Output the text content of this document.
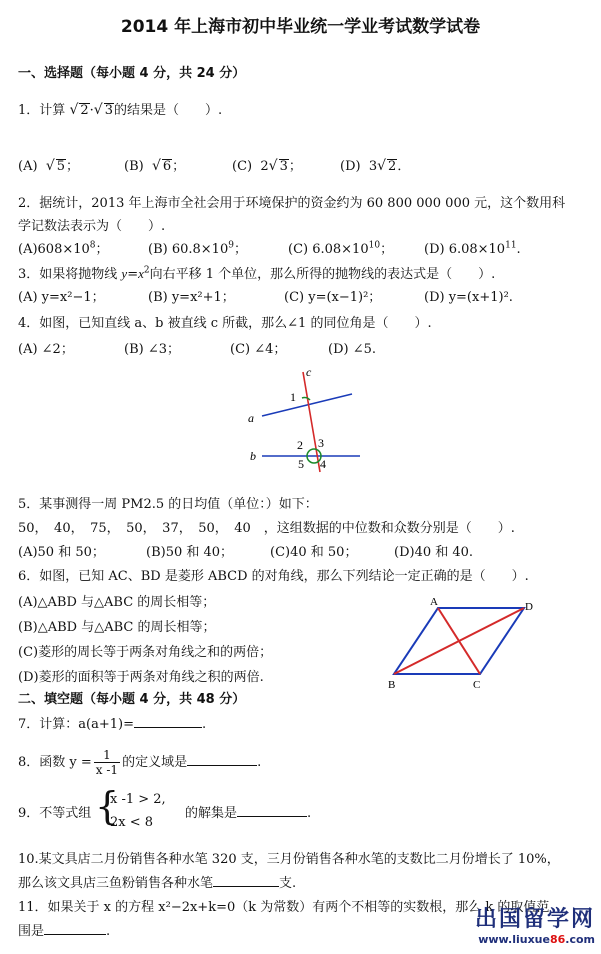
2014 年上海市初中毕业统一学业考试数学试卷
一、选择题（每小题 4 分，共 24 分）
1．计算 √ 2·√ 3的结果是（　　）.
(A) √ 5；	(B) √ 6；	(C) 2√ 3；	(D) 3√ 2．
2．据统计，2013 年上海市全社会用于环境保护的资金约为 60 800 000 000 元，这个数用科
学记数法表示为（　　）.
$(A)608\times 10^8$；	(B) $60.8\times 10^9$；	(C) $6.08\times 10^{10}$； (D) $6.08\times 10^{11}$.
3．如果将抛物线 $y=x^2$向右平移 1 个单位，那么所得的抛物线的表达式是（　　）.
(A) y=x²−1；	(B) y=x²+1；	(C) y=(x−1)²；	(D) y=(x+1)².
4．如图，已知直线 a、b 被直线 c 所截，那么∠1 的同位角是（　　）.
(A) ∠2；	(B) ∠3；	(C) ∠4；	(D) ∠5.
c
a
b
1
2 3
4
5
5．某事测得一周 PM2.5 的日均值（单位：）如下：
50，　40，　75，　50，　37，　50，　40　，这组数据的中位数和众数分别是（　　）.
(A)50 和 50；	(B)50 和 40；	(C)40 和 50；	(D)40 和 40.
6．如图，已知 AC、BD 是菱形 ABCD 的对角线，那么下列结论一定正确的是（　　）.
(A)△ABD 与△ABC 的周长相等；
(B)△ABD 与△ABC 的周长相等；
(C)菱形的周长等于两条对角线之和的两倍；
(D)菱形的面积等于两条对角线之积的两倍.
A	D
B	C
二、填空题（每小题 4 分，共 48 分）
7．计算：a(a+1)=	.
8．函数 $y = \frac{1}{x -1}$ 的定义域是	.
9．不等式组 {
x -1 > 2,
2x < 8
的解集是	.
10.某文具店二月份销售各种水笔 320 支，三月份销售各种水笔的支数比二月份增长了 10%，
那么该文具店三鱼粉销售各种水笔	支.
11．如果关于 x 的方程 x²−2x+k=0（k 为常数）有两个不相等的实数根，那么 k 的取值范
围是	.	出国留学网
www.liuxue86.com
